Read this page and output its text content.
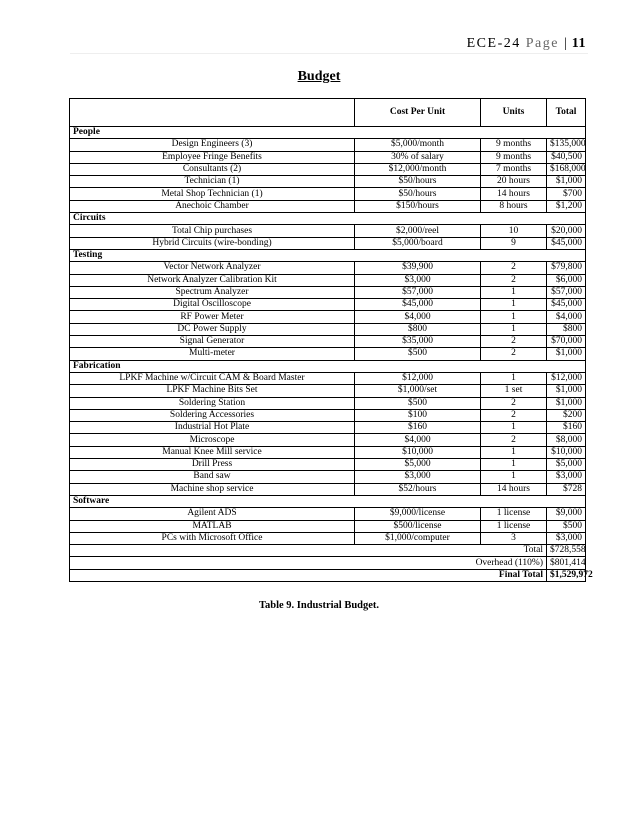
ECE-24 Page | 11
Budget
	Cost Per Unit	Units	Total
People			
Design Engineers (3)	$5,000/month	9 months	$135,000
Employee Fringe Benefits	30% of salary	9 months	$40,500
Consultants (2)	$12,000/month	7 months	$168,000
Technician (1)	$50/hours	20 hours	$1,000
Metal Shop Technician (1)	$50/hours	14 hours	$700
Anechoic Chamber	$150/hours	8 hours	$1,200
Circuits			
Total Chip purchases	$2,000/reel	10	$20,000
Hybrid Circuits (wire-bonding)	$5,000/board	9	$45,000
Testing			
Vector Network Analyzer	$39,900	2	$79,800
Network Analyzer Calibration Kit	$3,000	2	$6,000
Spectrum Analyzer	$57,000	1	$57,000
Digital Oscilloscope	$45,000	1	$45,000
RF Power Meter	$4,000	1	$4,000
DC Power Supply	$800	1	$800
Signal Generator	$35,000	2	$70,000
Multi-meter	$500	2	$1,000
Fabrication			
LPKF Machine w/Circuit CAM & Board Master	$12,000	1	$12,000
LPKF Machine Bits Set	$1,000/set	1 set	$1,000
Soldering Station	$500	2	$1,000
Soldering Accessories	$100	2	$200
Industrial Hot Plate	$160	1	$160
Microscope	$4,000	2	$8,000
Manual Knee Mill service	$10,000	1	$10,000
Drill Press	$5,000	1	$5,000
Band saw	$3,000	1	$3,000
Machine shop service	$52/hours	14 hours	$728
Software			
Agilent ADS	$9,000/license	1 license	$9,000
MATLAB	$500/license	1 license	$500
PCs with Microsoft Office	$1,000/computer	3	$3,000
Total			$728,558
Overhead (110%)			$801,414
Final Total			$1,529,972
Table 9. Industrial Budget.
